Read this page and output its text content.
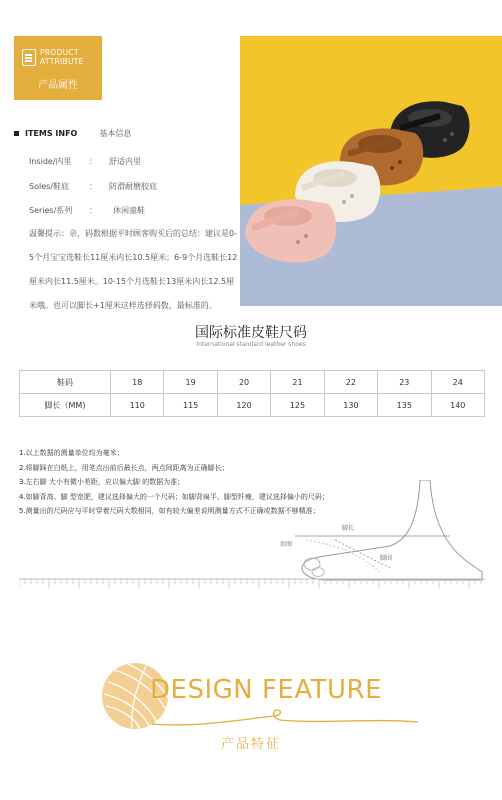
PRODUCT
ATTRIBUTE
产品属性
ITEMS INFO	基本信息
Inside/内里 ： 舒适内里
Soles/鞋底	： 防滑耐磨胶底
Series/系列 ： 休闲童鞋
温馨提示：亲，码数根据平时顾客购买后的总结：建议是0-5个月宝宝选鞋长11厘米内长10.5厘米；6-9个月选鞋长12厘米内长11.5厘米。10-15个月选鞋长13厘米内长12.5厘米哦。也可以脚长+1厘米这样选择码数，最标准的。
国际标准皮鞋尺码
International standard leather shoes
鞋码	18	19	20	21	22	23	24
脚长（MM)	110	115	120	125	130	135	140
脚长
如图
脚围
1.以上数据的测量单位均为毫米；
2.将脚踩在白纸上，用笔点出前后最长点，两点间距离为正确脚长；
3.左右脚 大小有微小差距，应以偏大脚 的数据为准；
4.如脚背高、脚 型宽肥，建议选择偏大的一个尺码；如脚背扁平、脚型纤瘦，建议选择偏小的尺码；
5.测量出的尺码应与平时穿着尺码大数相同，如有较大偏差说明测量方式不正确或数据不够精准；
DESIGN FEATURE
产品特征
